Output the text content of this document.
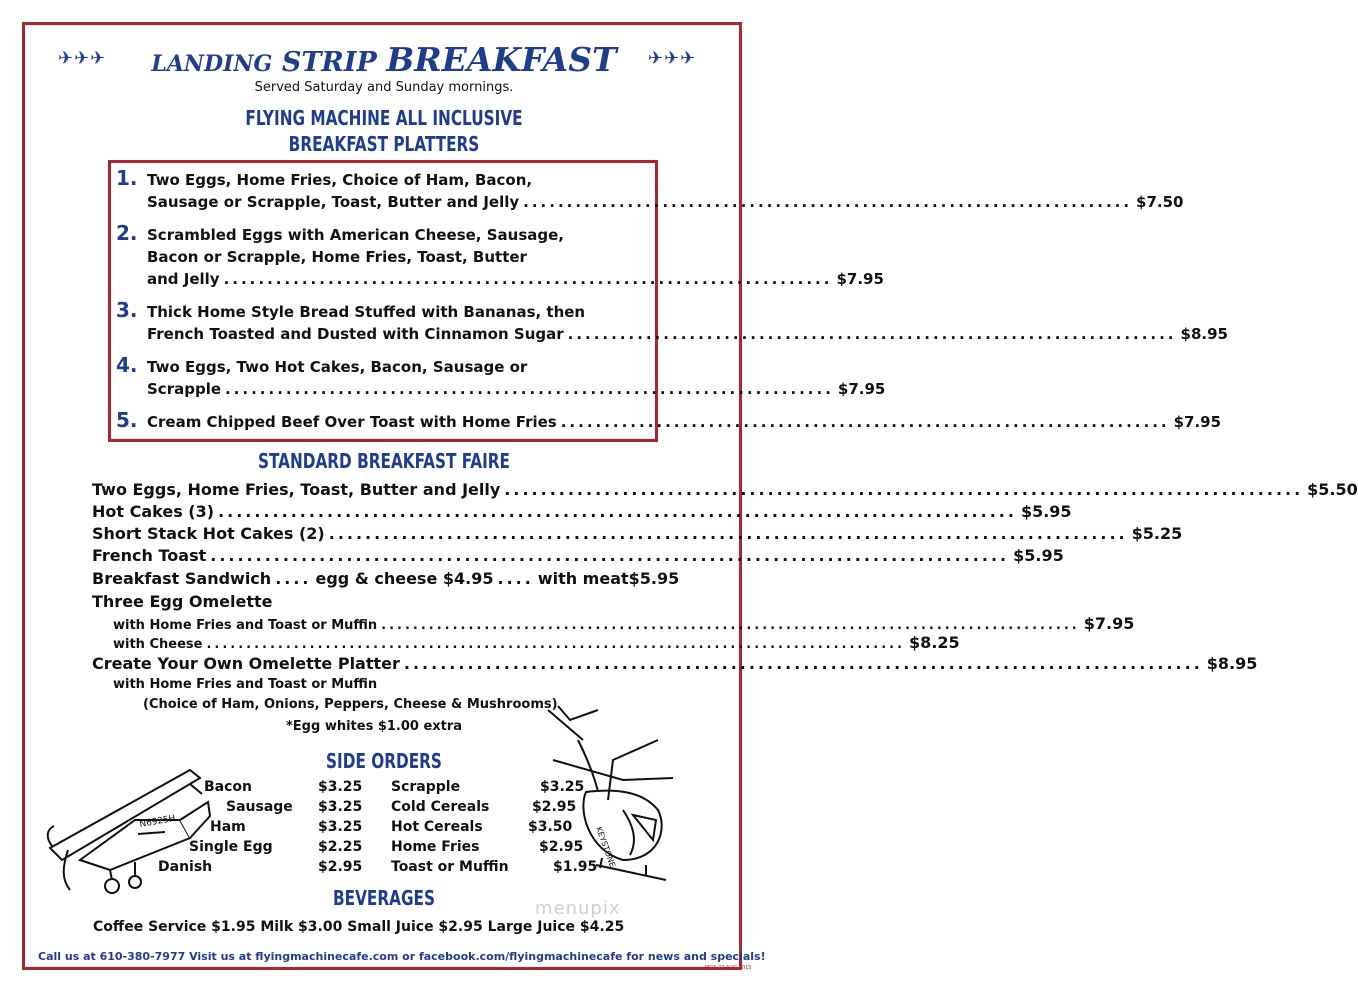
✈✈✈	✈✈✈
LANDING STRIP BREAKFAST
Served Saturday and Sunday mornings.
FLYING MACHINE ALL INCLUSIVE
BREAKFAST PLATTERS
1. Two Eggs, Home Fries, Choice of Ham, Bacon,
Sausage or Scrapple, Toast, Butter and Jelly ...................................................................... $7.50
2. Scrambled Eggs with American Cheese, Sausage,
Bacon or Scrapple, Home Fries, Toast, Butter
and Jelly ...................................................................... $7.95
3. Thick Home Style Bread Stuffed with Bananas, then
French Toasted and Dusted with Cinnamon Sugar ...................................................................... $8.95
4. Two Eggs, Two Hot Cakes, Bacon, Sausage or
Scrapple ...................................................................... $7.95
5. Cream Chipped Beef Over Toast with Home Fries ...................................................................... $7.95
STANDARD BREAKFAST FAIRE
Two Eggs, Home Fries, Toast, Butter and Jelly ........................................................................................ $5.50
Hot Cakes (3) ........................................................................................ $5.95
Short Stack Hot Cakes (2) ........................................................................................ $5.25
French Toast ........................................................................................ $5.95
Breakfast Sandwich .... egg & cheese $4.95 .... with meat $5.95
Three Egg Omelette
with Home Fries and Toast or Muffin ........................................................................................ $7.95
with Cheese ........................................................................................ $8.25
Create Your Own Omelette Platter ........................................................................................ $8.95
with Home Fries and Toast or Muffin
(Choice of Ham, Onions, Peppers, Cheese & Mushrooms)
*Egg whites $1.00 extra
SIDE ORDERS
Bacon	$3.25
Sausage $3.25
Ham	$3.25
Single Egg	$2.25
Danish	$2.95
Scrapple	$3.25
Cold Cereals	$2.95
Hot Cereals	$3.50
Home Fries	$2.95
Toast or Muffin	$1.95
N6925H
KEYSTONE
BEVERAGES
Coffee Service $1.95 Milk $3.00 Small Juice $2.95 Large Juice $4.25
menupix
Call us at 610-380-7977 Visit us at flyingmachinecafe.com or facebook.com/flyingmachinecafe for news and specials!
MGS 27-AUG-2015
